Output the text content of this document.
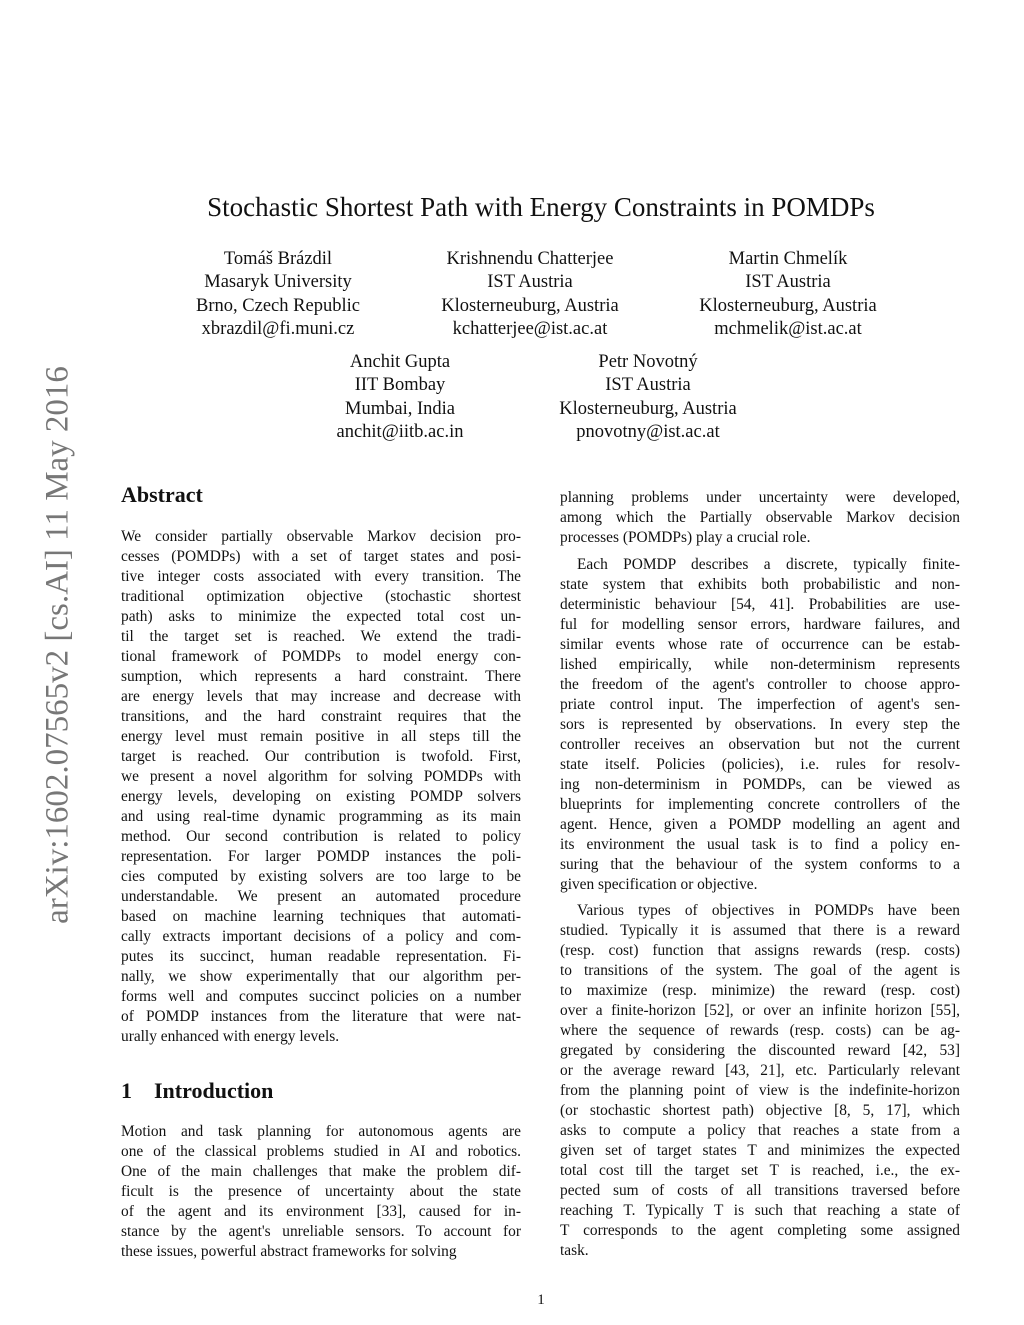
arXiv:1602.07565v2 [cs.AI] 11 May 2016
Stochastic Shortest Path with Energy Constraints in POMDPs
Tomáš Brázdil
Masaryk University
Brno, Czech Republic
xbrazdil@fi.muni.cz
Krishnendu Chatterjee
IST Austria
Klosterneuburg, Austria
kchatterjee@ist.ac.at
Martin Chmelík
IST Austria
Klosterneuburg, Austria
mchmelik@ist.ac.at
Anchit Gupta
IIT Bombay
Mumbai, India
anchit@iitb.ac.in
Petr Novotný
IST Austria
Klosterneuburg, Austria
pnovotny@ist.ac.at
Abstract
We consider partially observable Markov decision pro-
cesses (POMDPs) with a set of target states and posi-
tive integer costs associated with every transition. The
traditional optimization objective (stochastic shortest
path) asks to minimize the expected total cost un-
til the target set is reached. We extend the tradi-
tional framework of POMDPs to model energy con-
sumption, which represents a hard constraint. There
are energy levels that may increase and decrease with
transitions, and the hard constraint requires that the
energy level must remain positive in all steps till the
target is reached. Our contribution is twofold. First,
we present a novel algorithm for solving POMDPs with
energy levels, developing on existing POMDP solvers
and using real-time dynamic programming as its main
method. Our second contribution is related to policy
representation. For larger POMDP instances the poli-
cies computed by existing solvers are too large to be
understandable. We present an automated procedure
based on machine learning techniques that automati-
cally extracts important decisions of a policy and com-
putes its succinct, human readable representation. Fi-
nally, we show experimentally that our algorithm per-
forms well and computes succinct policies on a number
of POMDP instances from the literature that were nat-
urally enhanced with energy levels.
1    Introduction
Motion and task planning for autonomous agents are
one of the classical problems studied in AI and robotics.
One of the main challenges that make the problem dif-
ficult is the presence of uncertainty about the state
of the agent and its environment [33], caused for in-
stance by the agent's unreliable sensors. To account for
these issues, powerful abstract frameworks for solving
planning problems under uncertainty were developed,
among which the Partially observable Markov decision
processes (POMDPs) play a crucial role.
Each POMDP describes a discrete, typically finite-
state system that exhibits both probabilistic and non-
deterministic behaviour [54, 41]. Probabilities are use-
ful for modelling sensor errors, hardware failures, and
similar events whose rate of occurrence can be estab-
lished empirically, while non-determinism represents
the freedom of the agent's controller to choose appro-
priate control input. The imperfection of agent's sen-
sors is represented by observations. In every step the
controller receives an observation but not the current
state itself. Policies (policies), i.e. rules for resolv-
ing non-determinism in POMDPs, can be viewed as
blueprints for implementing concrete controllers of the
agent. Hence, given a POMDP modelling an agent and
its environment the usual task is to find a policy en-
suring that the behaviour of the system conforms to a
given specification or objective.
Various types of objectives in POMDPs have been
studied. Typically it is assumed that there is a reward
(resp. cost) function that assigns rewards (resp. costs)
to transitions of the system. The goal of the agent is
to maximize (resp. minimize) the reward (resp. cost)
over a finite-horizon [52], or over an infinite horizon [55],
where the sequence of rewards (resp. costs) can be ag-
gregated by considering the discounted reward [42, 53]
or the average reward [43, 21], etc. Particularly relevant
from the planning point of view is the indefinite-horizon
(or stochastic shortest path) objective [8, 5, 17], which
asks to compute a policy that reaches a state from a
given set of target states T and minimizes the expected
total cost till the target set T is reached, i.e., the ex-
pected sum of costs of all transitions traversed before
reaching T. Typically T is such that reaching a state of
T corresponds to the agent completing some assigned
task.
1
